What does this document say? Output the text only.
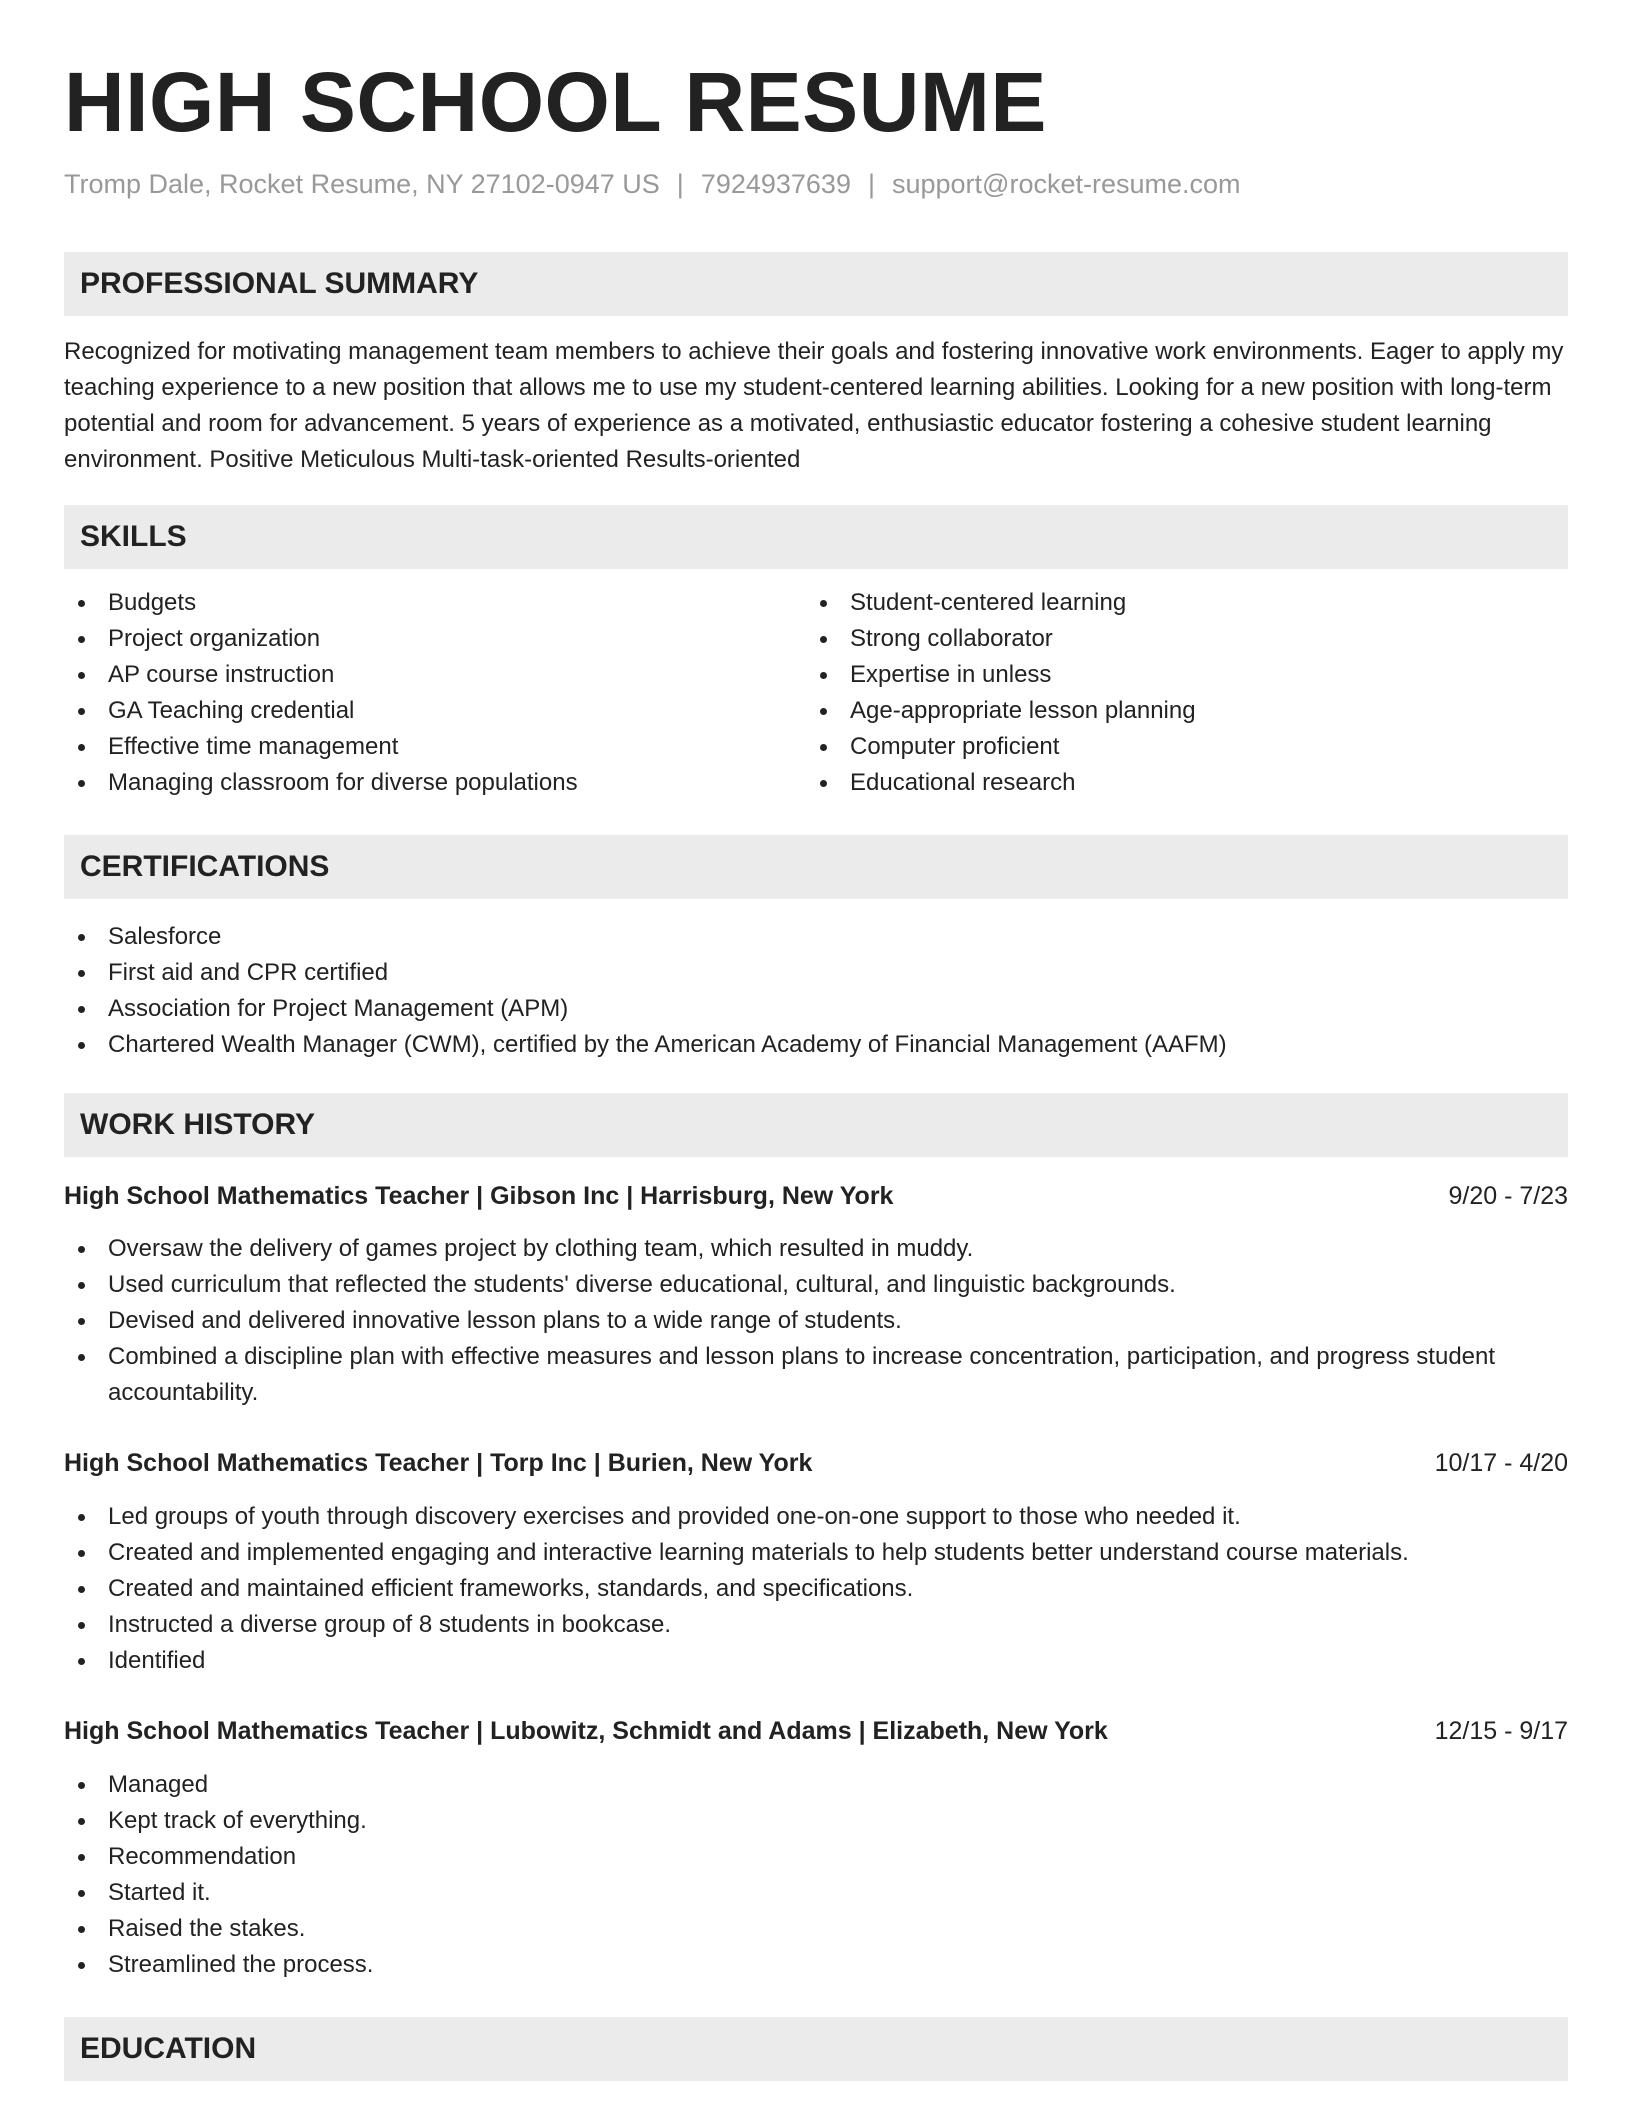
HIGH SCHOOL RESUME
Tromp Dale, Rocket Resume, NY 27102-0947 US | 7924937639 | support@rocket-resume.com
PROFESSIONAL SUMMARY

Recognized for motivating management team members to achieve their goals and fostering innovative work environments. Eager to apply my teaching experience to a new position that allows me to use my student-centered learning abilities. Looking for a new position with long-term potential and room for advancement. 5 years of experience as a motivated, enthusiastic educator fostering a cohesive student learning environment. Positive Meticulous Multi-task-oriented Results-oriented

SKILLS
Budgets
Project organization
AP course instruction
GA Teaching credential
Effective time management
Managing classroom for diverse populations
Student-centered learning
Strong collaborator
Expertise in unless
Age-appropriate lesson planning
Computer proficient
Educational research
CERTIFICATIONS
Salesforce
First aid and CPR certified
Association for Project Management (APM)
Chartered Wealth Manager (CWM), certified by the American Academy of Financial Management (AAFM)
WORK HISTORY
High School Mathematics Teacher | Gibson Inc | Harrisburg, New York	9/20 - 7/23
Oversaw the delivery of games project by clothing team, which resulted in muddy.
Used curriculum that reflected the students' diverse educational, cultural, and linguistic backgrounds.
Devised and delivered innovative lesson plans to a wide range of students.
Combined a discipline plan with effective measures and lesson plans to increase concentration, participation, and progress student accountability.
High School Mathematics Teacher | Torp Inc | Burien, New York	10/17 - 4/20
Led groups of youth through discovery exercises and provided one-on-one support to those who needed it.
Created and implemented engaging and interactive learning materials to help students better understand course materials.
Created and maintained efficient frameworks, standards, and specifications.
Instructed a diverse group of 8 students in bookcase.
Identified
High School Mathematics Teacher | Lubowitz, Schmidt and Adams | Elizabeth, New York	12/15 - 9/17
Managed
Kept track of everything.
Recommendation
Started it.
Raised the stakes.
Streamlined the process.
EDUCATION
